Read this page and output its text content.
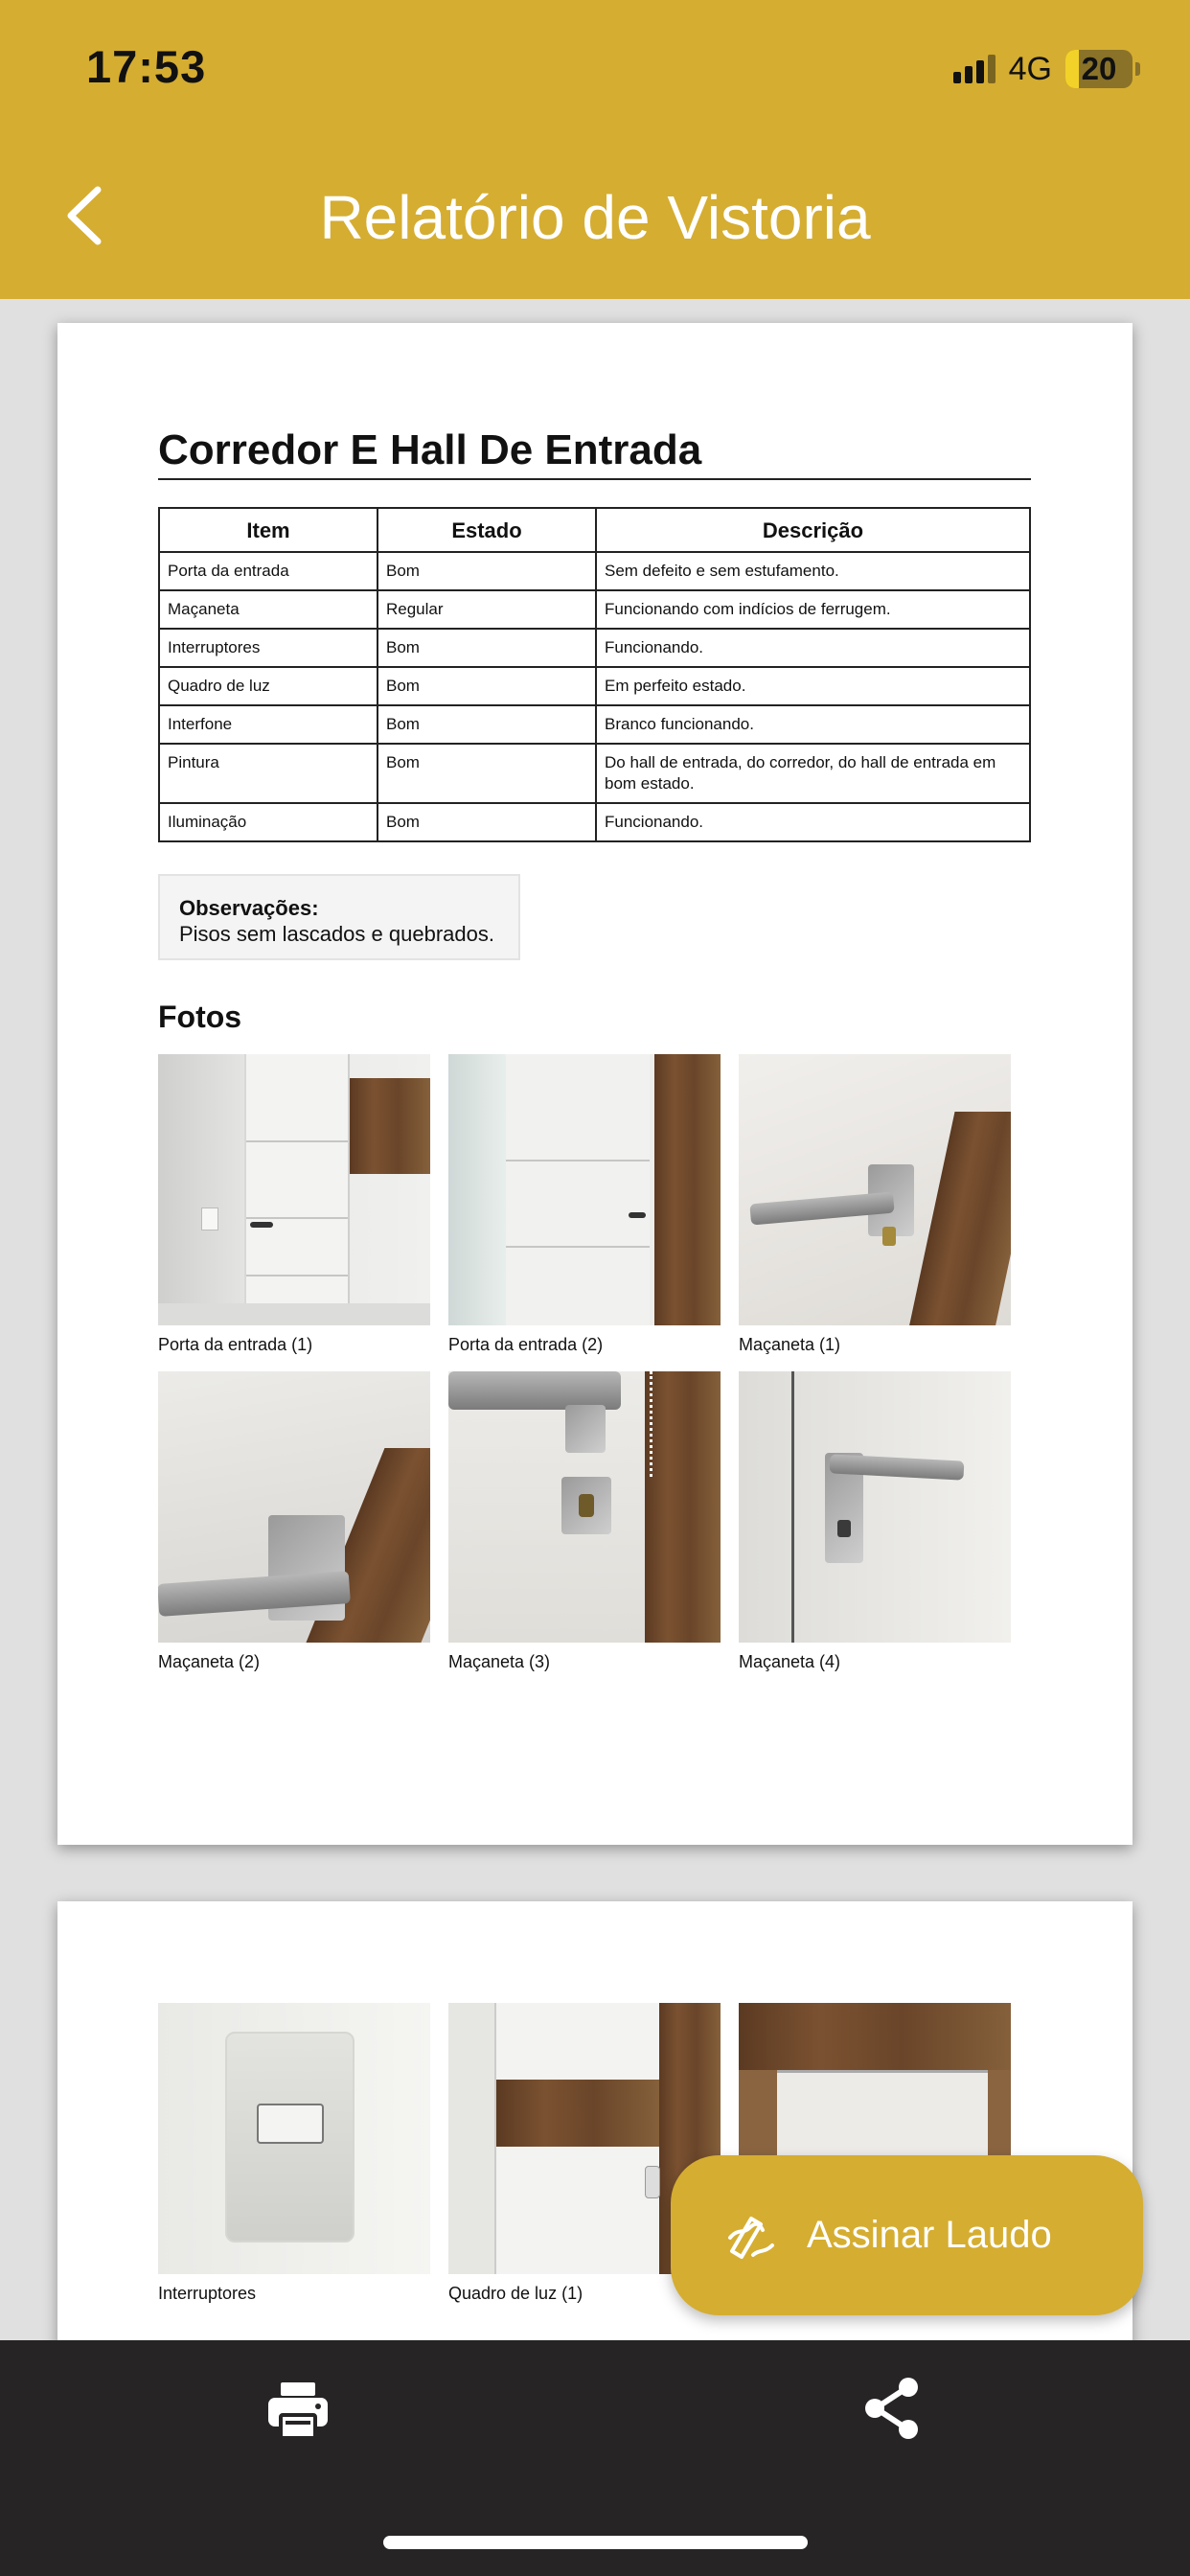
17:53	4G 20
Relatório de Vistoria
Corredor E Hall De Entrada
Item	Estado	Descrição
Porta da entrada	Bom	Sem defeito e sem estufamento.
Maçaneta	Regular	Funcionando com indícios de ferrugem.
Interruptores	Bom	Funcionando.
Quadro de luz	Bom	Em perfeito estado.
Interfone	Bom	Branco funcionando.
Pintura	Bom	Do hall de entrada, do corredor, do hall de entrada em bom estado.
Iluminação	Bom	Funcionando.
Observações:
Pisos sem lascados e quebrados.
Fotos
Porta da entrada (1)	Porta da entrada (2)	Maçaneta (1)
Maçaneta (2)	Maçaneta (3)	Maçaneta (4)
Interruptores	Quadro de luz (1)
Assinar Laudo
